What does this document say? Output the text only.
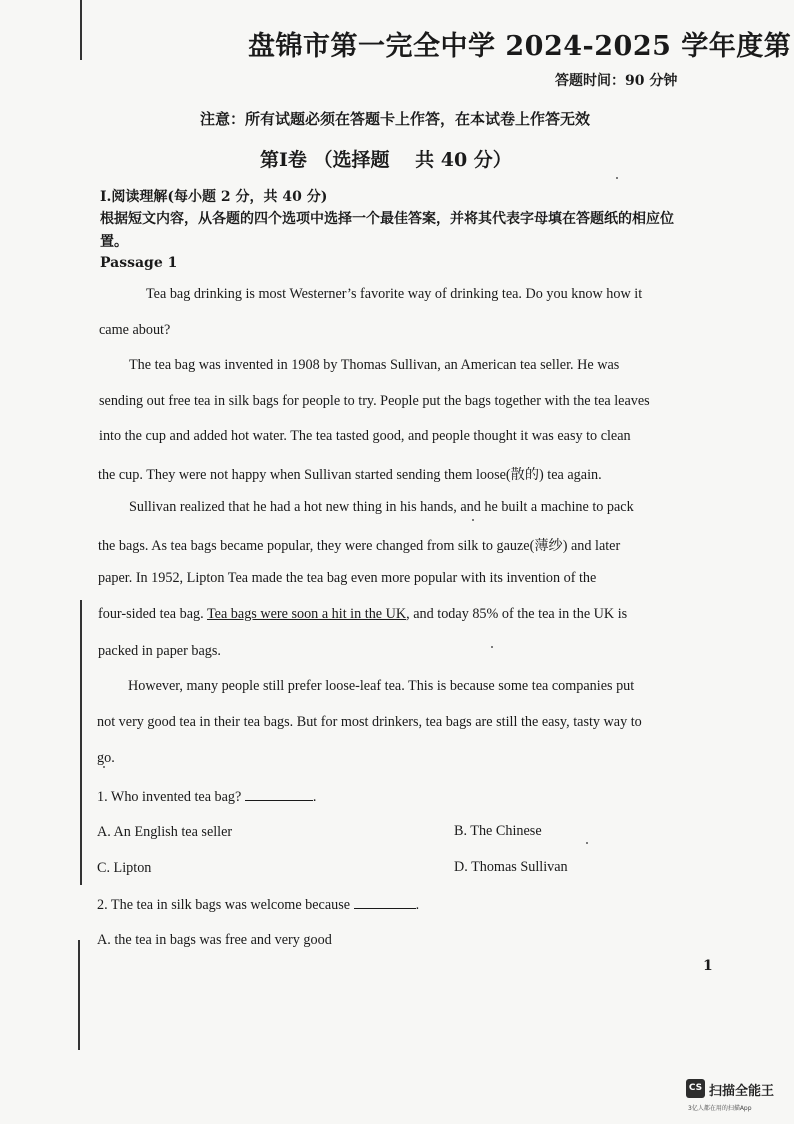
盘锦市第一完全中学 2024-2025 学年度第
答题时间：90 分钟
注意：所有试题必须在答题卡上作答，在本试卷上作答无效
第Ⅰ卷 （选择题　 共 40 分）
Ⅰ.阅读理解(每小题 2 分，共 40 分)
根据短文内容，从各题的四个选项中选择一个最佳答案，并将其代表字母填在答题纸的相应位置。
Passage 1
Tea bag drinking is most Westerner’s favorite way of drinking tea. Do you know how it
came about?
The tea bag was invented in 1908 by Thomas Sullivan, an American tea seller. He was
sending out free tea in silk bags for people to try. People put the bags together with the tea leaves
into the cup and added hot water. The tea tasted good, and people thought it was easy to clean
the cup. They were not happy when Sullivan started sending them loose(散的) tea again.
Sullivan realized that he had a hot new thing in his hands, and he built a machine to pack
the bags. As tea bags became popular, they were changed from silk to gauze(薄纱) and later
paper. In 1952, Lipton Tea made the tea bag even more popular with its invention of the
four-sided tea bag. Tea bags were soon a hit in the UK, and today 85% of the tea in the UK is
packed in paper bags.
However, many people still prefer loose-leaf tea. This is because some tea companies put
not very good tea in their tea bags. But for most drinkers, tea bags are still the easy, tasty way to
go.
1. Who invented tea bag?	.
A. An English tea seller	B. The Chinese
C. Lipton	D. Thomas Sullivan
2. The tea in silk bags was welcome because	.
A. the tea in bags was free and very good
1
CS 扫描全能王
3亿人都在用的扫描App
